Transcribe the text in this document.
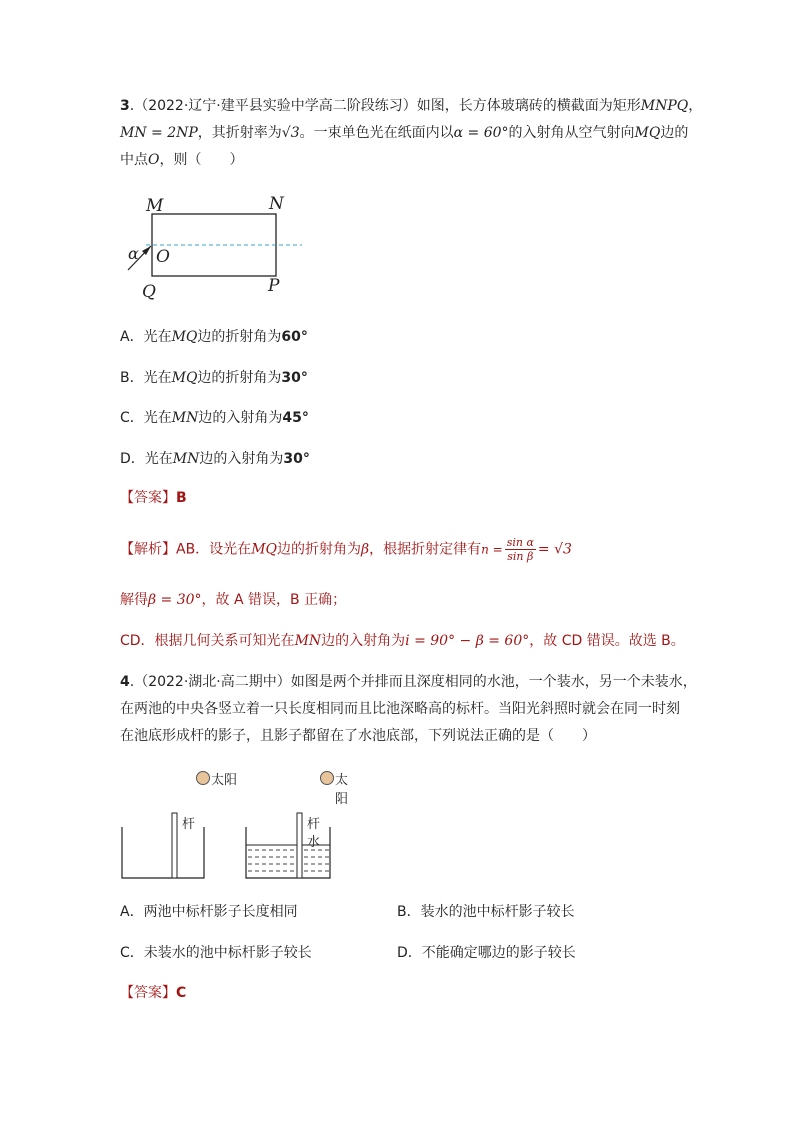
3.（2022·辽宁·建平县实验中学高二阶段练习）如图，长方体玻璃砖的横截面为矩形MNPQ，
MN = 2NP，其折射率为√3。一束单色光在纸面内以α = 60°的入射角从空气射向MQ边的
中点O，则（　　）
M	N
O
Q	P
α
A．光在MQ边的折射角为60°
B．光在MQ边的折射角为30°
C．光在MN边的入射角为45°
D．光在MN边的入射角为30°
【答案】B
【解析】AB．设光在MQ边的折射角为β，根据折射定律有$n = \frac{\text{sin α}}{\text{sin β}} = √3$
解得β = 30°，故 A 错误，B 正确；
CD．根据几何关系可知光在MN边的入射角为i = 90° − β = 60°，故 CD 错误。故选 B。
4.（2022·湖北·高二期中）如图是两个并排而且深度相同的水池，一个装水，另一个未装水，
在两池的中央各竖立着一只长度相同而且比池深略高的标杆。当阳光斜照时就会在同一时刻
在池底形成杆的影子，且影子都留在了水池底部，下列说法正确的是（　　）
太阳	太阳
杆	杆
水
A．两池中标杆影子长度相同	B．装水的池中标杆影子较长
C．未装水的池中标杆影子较长	D．不能确定哪边的影子较长
【答案】C
